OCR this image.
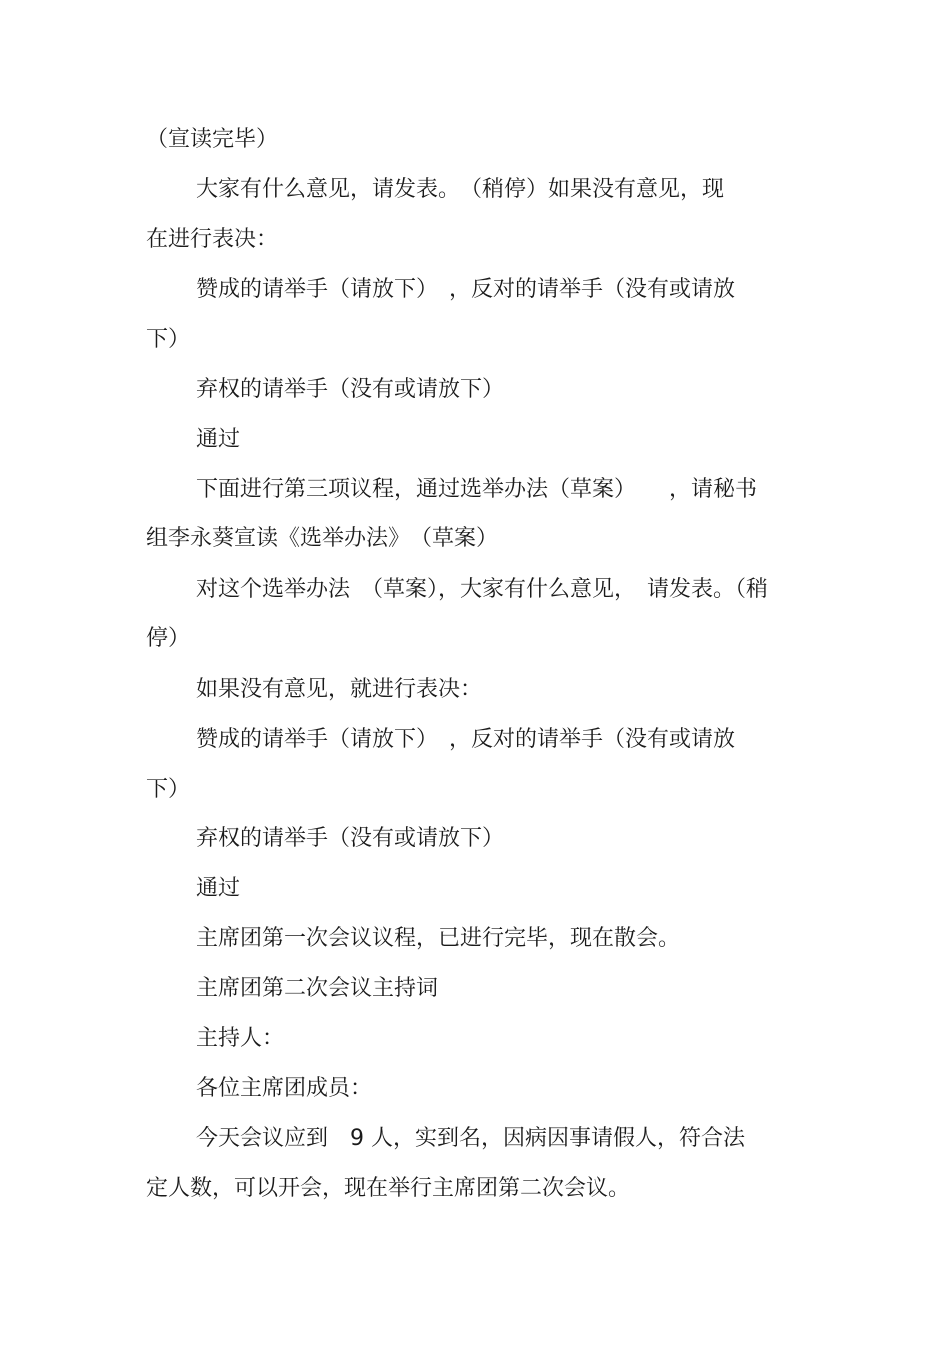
（宣读完毕）

大家有什么意见，请发表。　（稍停）如果没有意见，现

在进行表决：

赞成的请举手（请放下）　，反对的请举手（没有或请放

下）

弃权的请举手（没有或请放下）

通过

下面进行第三项议程，通过选举办法（草案）　　，请秘书

组李永葵宣读《选举办法》　（草案）

对这个选举办法　（草案），大家有什么意见，　请发表。（稍

停）

如果没有意见，就进行表决：

赞成的请举手（请放下）　，反对的请举手（没有或请放

下）

弃权的请举手（没有或请放下）

通过

主席团第一次会议议程，已进行完毕，现在散会。

主席团第二次会议主持词

主持人：

各位主席团成员：

今天会议应到　9 人，实到名，因病因事请假人，符合法

定人数，可以开会，现在举行主席团第二次会议。
